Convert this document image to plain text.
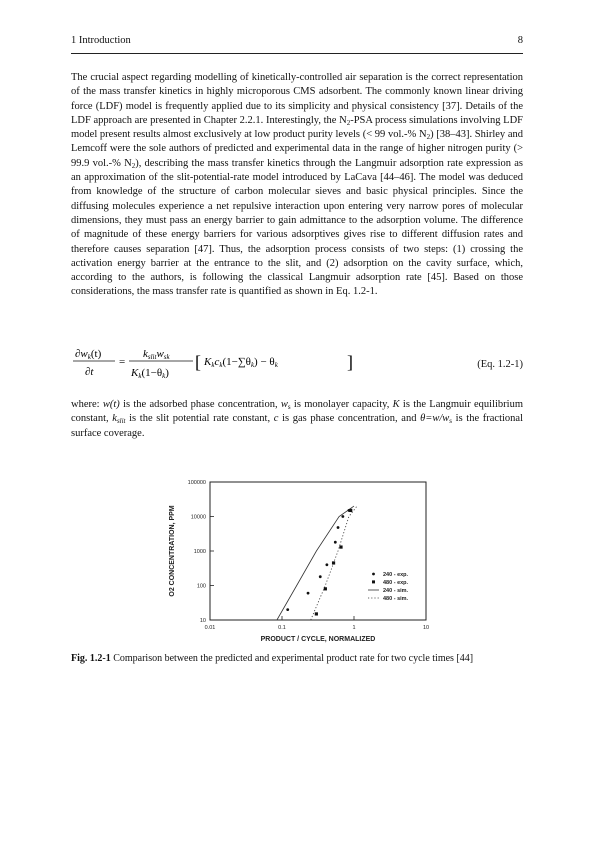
1 Introduction	8

The crucial aspect regarding modelling of kinetically-controlled air separation is the correct representation of the mass transfer kinetics in highly microporous CMS adsorbent. The commonly known linear driving force (LDF) model is frequently applied due to its simplicity and physical consistency [37]. Details of the LDF approach are presented in Chapter 2.2.1. Interestingly, the $N_2$-PSA process simulations involving LDF model present results almost exclusively at low product purity levels (< 99 vol.-% $N_2$) [38–43]. Shirley and Lemcoff were the sole authors of predicted and experimental data in the range of higher nitrogen purity (> 99.9 vol.-% $N_2$), describing the mass transfer kinetics through the Langmuir adsorption rate expression as an approximation of the slit-potential-rate model introduced by LaCava [44–46]. The model was deduced from knowledge of the structure of carbon molecular sieves and basic physical principles. Since the diffusing molecules experience a net repulsive interaction upon entering very narrow pores of molecular dimensions, they must pass an energy barrier to gain admittance to the adsorption volume. The difference of magnitude of these energy barriers for various adsorptives gives rise to different diffusion rates and therefore causes separation [47]. Thus, the adsorption process consists of two steps: (1) crossing the activation energy barrier at the entrance to the slit, and (2) adsorption on the cavity surface, which, according to the authors, is following the classical Langmuir adsorption rate [45]. Based on those considerations, the mass transfer rate is quantified as shown in Eq. 1.2-1.

∂wk(t)
∂t
=
kslitwsk
Kk(1−θk)
[ Kkck(1−∑θk) − θk	]	(Eq. 1.2-1)

where: w(t) is the adsorbed phase concentration, $w_s$ is monolayer capacity, K is the Langmuir equilibrium constant, $k_{slit}$ is the slit potential rate constant, c is gas phase concentration, and $\theta=w/w_s$ is the fractional surface coverage.

O2 CONCENTRATION, PPM
PRODUCT / CYCLE, NORMALIZED
0.01	0.1	1	10
10
100
1000
10000
100000
240 - exp.
480 - exp.
240 - sim.
480 - sim.
Fig. 1.2-1 Comparison between the predicted and experimental product rate for two cycle times [44]
